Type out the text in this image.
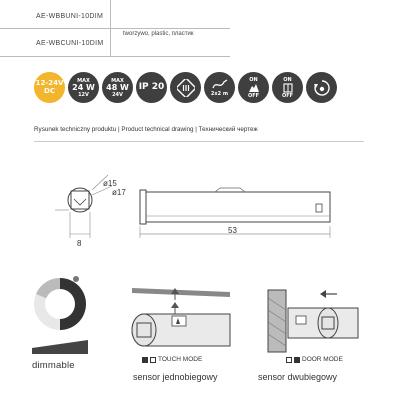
AE-WBBUNI-10DIM
AE-WBCUNI-10DIM
tworzywo, plastic, пластик
12-24V
DC
MAX
24 W
12V
MAX
48 W
24V
IP 20
2x2 m
ON
OFF
ON
OFF
Rysunek techniczny produktu | Product technical drawing | Технический чертеж
ø15
ø17
8
53
dimmable
TOUCH MODE
sensor jednobiegowy
DOOR MODE
sensor dwubiegowy
